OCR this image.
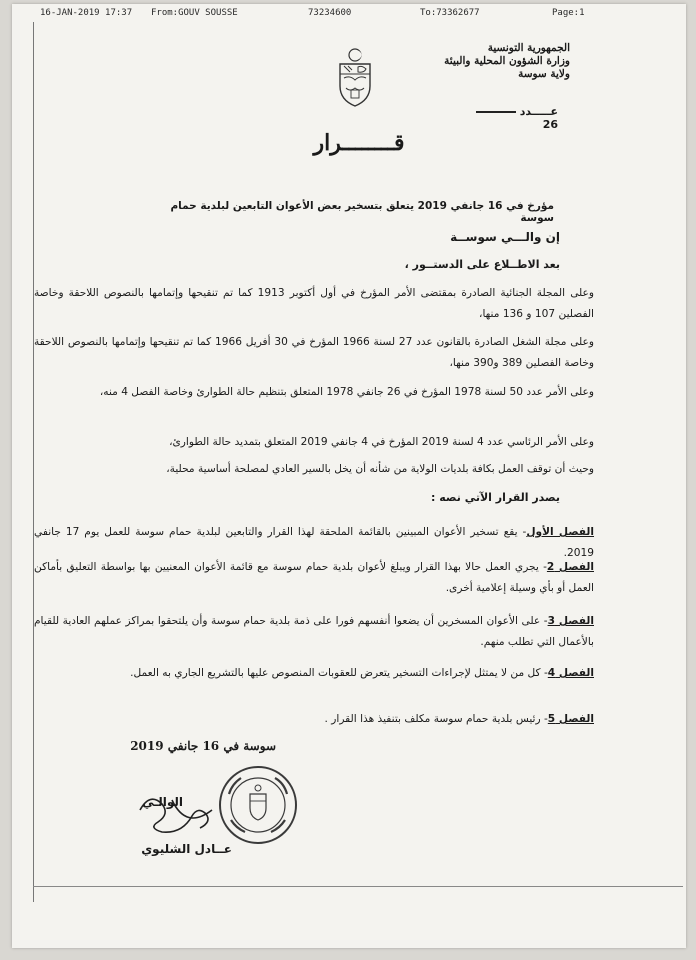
16-JAN-2019 17:37 From:GOUV SOUSSE	73234600	To:73362677	Page:1
الجمهورية التونسية
وزارة الشؤون المحلية والبيئة
ولاية سوسة
عـــــدد26
قــــــــرار
مؤرخ في 16 جانفي 2019 يتعلق بتسخير بعض الأعوان التابعين لبلدية حمام سوسة
إن والـــي سوســة
بعد الاطــلاع على الدستــور ،
وعلى المجلة الجنائية الصادرة بمقتضى الأمر المؤرخ في أول أكتوبر 1913 كما تم تنقيحها وإتمامها بالنصوص اللاحقة وخاصة الفصلين 107 و 136 منها،
وعلى مجلة الشغل الصادرة بالقانون عدد 27 لسنة 1966 المؤرخ في 30 أفريل 1966 كما تم تنقيحها وإتمامها بالنصوص اللاحقة وخاصة الفصلين 389 و390 منها،
وعلى الأمر عدد 50 لسنة 1978 المؤرخ في 26 جانفي 1978 المتعلق بتنظيم حالة الطوارئ وخاصة الفصل 4 منه،
وعلى الأمر الرئاسي عدد 4 لسنة 2019 المؤرخ في 4 جانفي 2019 المتعلق بتمديد حالة الطوارئ،
وحيث أن توقف العمل بكافة بلديات الولاية من شأنه أن يخل بالسير العادي لمصلحة أساسية محلية،
يصدر القرار الآتي نصه :
الفصل الأول- يقع تسخير الأعوان المبينين بالقائمة الملحقة لهذا القرار والتابعين لبلدية حمام سوسة للعمل يوم 17 جانفي 2019.
الفصل 2- يجري العمل حالا بهذا القرار ويبلغ لأعوان بلدية حمام سوسة مع قائمة الأعوان المعنيين بها بواسطة التعليق بأماكن العمل أو بأي وسيلة إعلامية أخرى.
الفصل 3- على الأعوان المسخرين أن يضعوا أنفسهم فورا على ذمة بلدية حمام سوسة وأن يلتحقوا بمراكز عملهم العادية للقيام بالأعمال التي تطلب منهم.
الفصل 4- كل من لا يمتثل لإجراءات التسخير يتعرض للعقوبات المنصوص عليها بالتشريع الجاري به العمل.
الفصل 5- رئيس بلدية حمام سوسة مكلف بتنفيذ هذا القرار .
سوسة في 16 جانفي 2019
الوالـي
عــادل الشليوي
